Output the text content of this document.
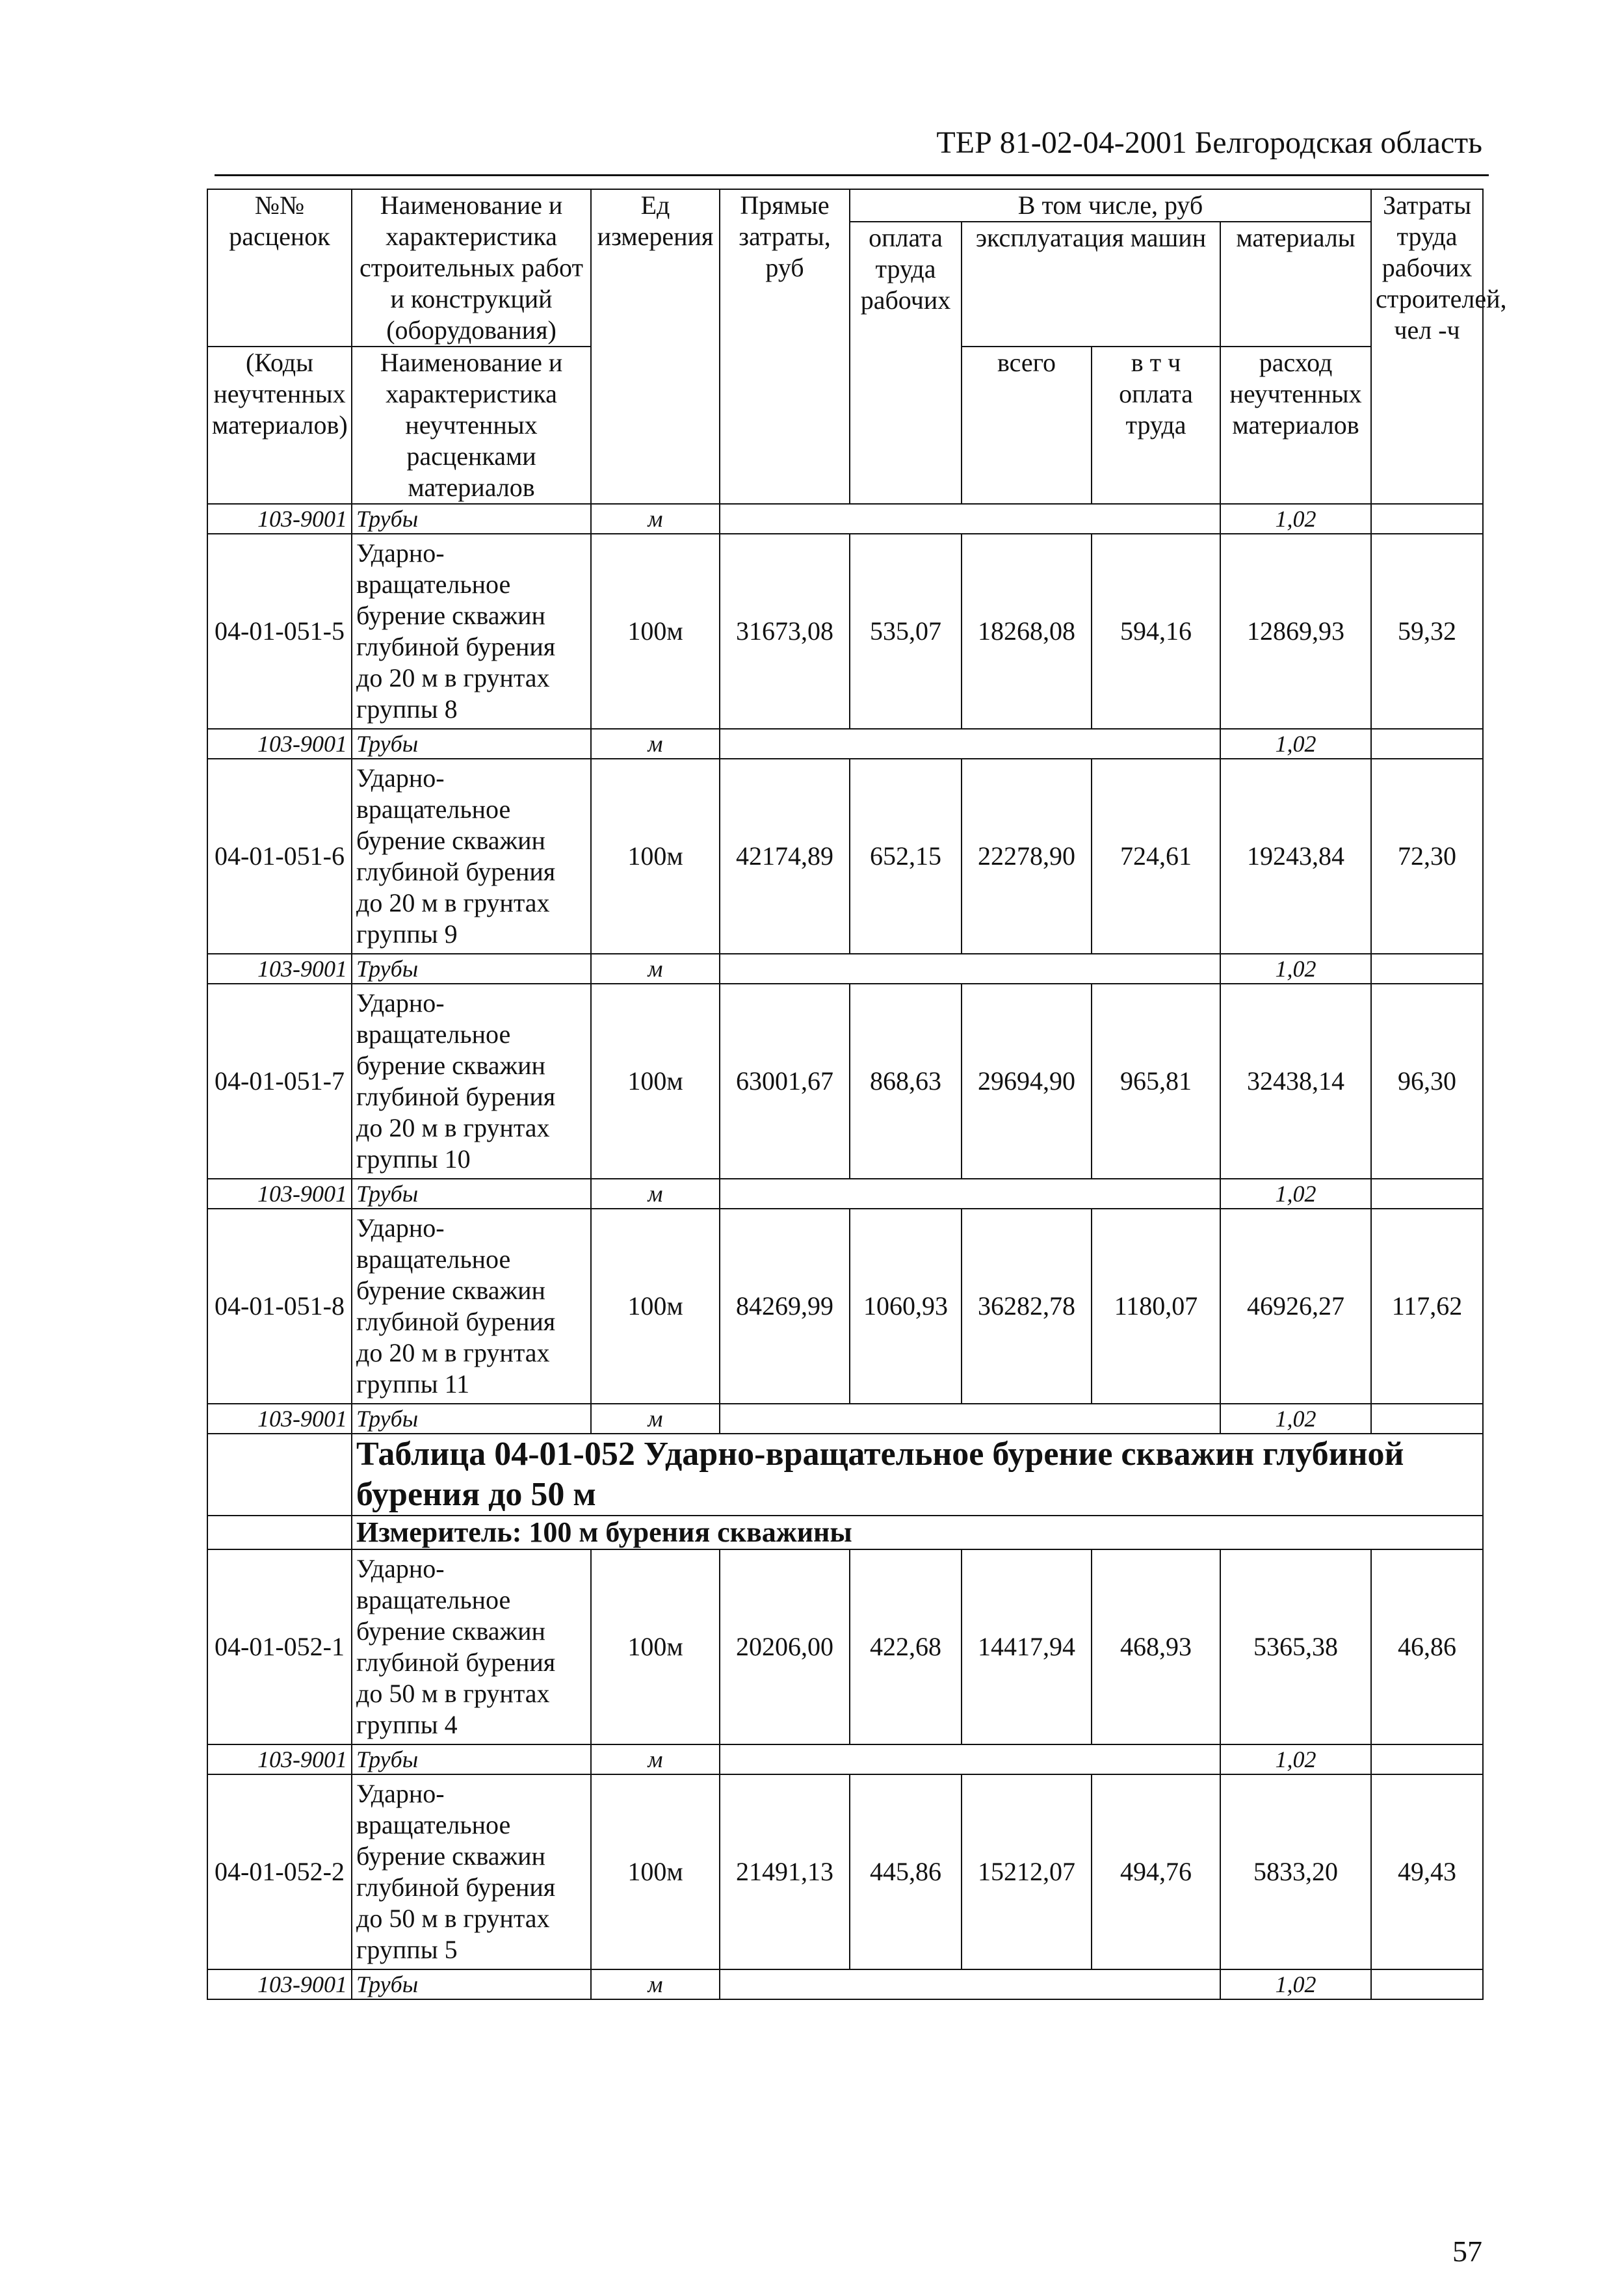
ТЕР 81-02-04-2001 Белгородская область
№№ расценок	Наименование и характеристика строительных работ и конструкций (оборудования)	Ед измерения	Прямые затраты, руб	В том числе, руб				Затраты труда рабочих строителей, чел -ч
				оплата труда рабочих	эксплуатация машин		материалы	
(Коды неучтенных материалов)	Наименование и характеристика неучтенных расценками материалов				всего	в т ч оплата труда	расход неучтенных материалов	
103-9001	Трубы	м					1,02	
04-01-051-5	Ударно-вращательное бурение скважин глубиной бурения до 20 м в грунтах группы 8	100м	31673,08	535,07	18268,08	594,16	12869,93	59,32
103-9001	Трубы	м					1,02	
04-01-051-6	Ударно-вращательное бурение скважин глубиной бурения до 20 м в грунтах группы 9	100м	42174,89	652,15	22278,90	724,61	19243,84	72,30
103-9001	Трубы	м					1,02	
04-01-051-7	Ударно-вращательное бурение скважин глубиной бурения до 20 м в грунтах группы 10	100м	63001,67	868,63	29694,90	965,81	32438,14	96,30
103-9001	Трубы	м					1,02	
04-01-051-8	Ударно-вращательное бурение скважин глубиной бурения до 20 м в грунтах группы 11	100м	84269,99	1060,93	36282,78	1180,07	46926,27	117,62
103-9001	Трубы	м					1,02	
	Таблица 04-01-052 Ударно-вращательное бурение скважин глубиной бурения до 50 м							
	Измеритель: 100 м бурения скважины							
04-01-052-1	Ударно-вращательное бурение скважин глубиной бурения до 50 м в грунтах группы 4	100м	20206,00	422,68	14417,94	468,93	5365,38	46,86
103-9001	Трубы	м					1,02	
04-01-052-2	Ударно-вращательное бурение скважин глубиной бурения до 50 м в грунтах группы 5	100м	21491,13	445,86	15212,07	494,76	5833,20	49,43
103-9001	Трубы	м					1,02	
57
